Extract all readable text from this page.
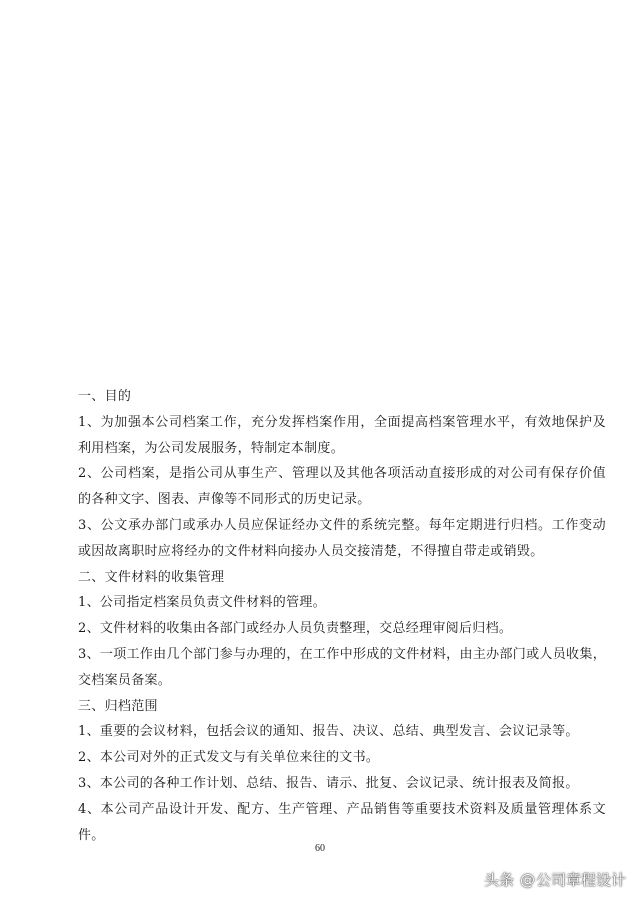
一、目的
1、为加强本公司档案工作，充分发挥档案作用，全面提高档案管理水平，有效地保护及
利用档案，为公司发展服务，特制定本制度。
2、公司档案，是指公司从事生产、管理以及其他各项活动直接形成的对公司有保存价值
的各种文字、图表、声像等不同形式的历史记录。
3、公文承办部门或承办人员应保证经办文件的系统完整。每年定期进行归档。工作变动
或因故离职时应将经办的文件材料向接办人员交接清楚，不得擅自带走或销毁。
二、文件材料的收集管理
1、公司指定档案员负责文件材料的管理。
2、文件材料的收集由各部门或经办人员负责整理，交总经理审阅后归档。
3、一项工作由几个部门参与办理的，在工作中形成的文件材料，由主办部门或人员收集，
交档案员备案。
三、归档范围
1、重要的会议材料，包括会议的通知、报告、决议、总结、典型发言、会议记录等。
2、本公司对外的正式发文与有关单位来往的文书。
3、本公司的各种工作计划、总结、报告、请示、批复、会议记录、统计报表及简报。
4、本公司产品设计开发、配方、生产管理、产品销售等重要技术资料及质量管理体系文
件。
60
头条 @ 公司章程设计
